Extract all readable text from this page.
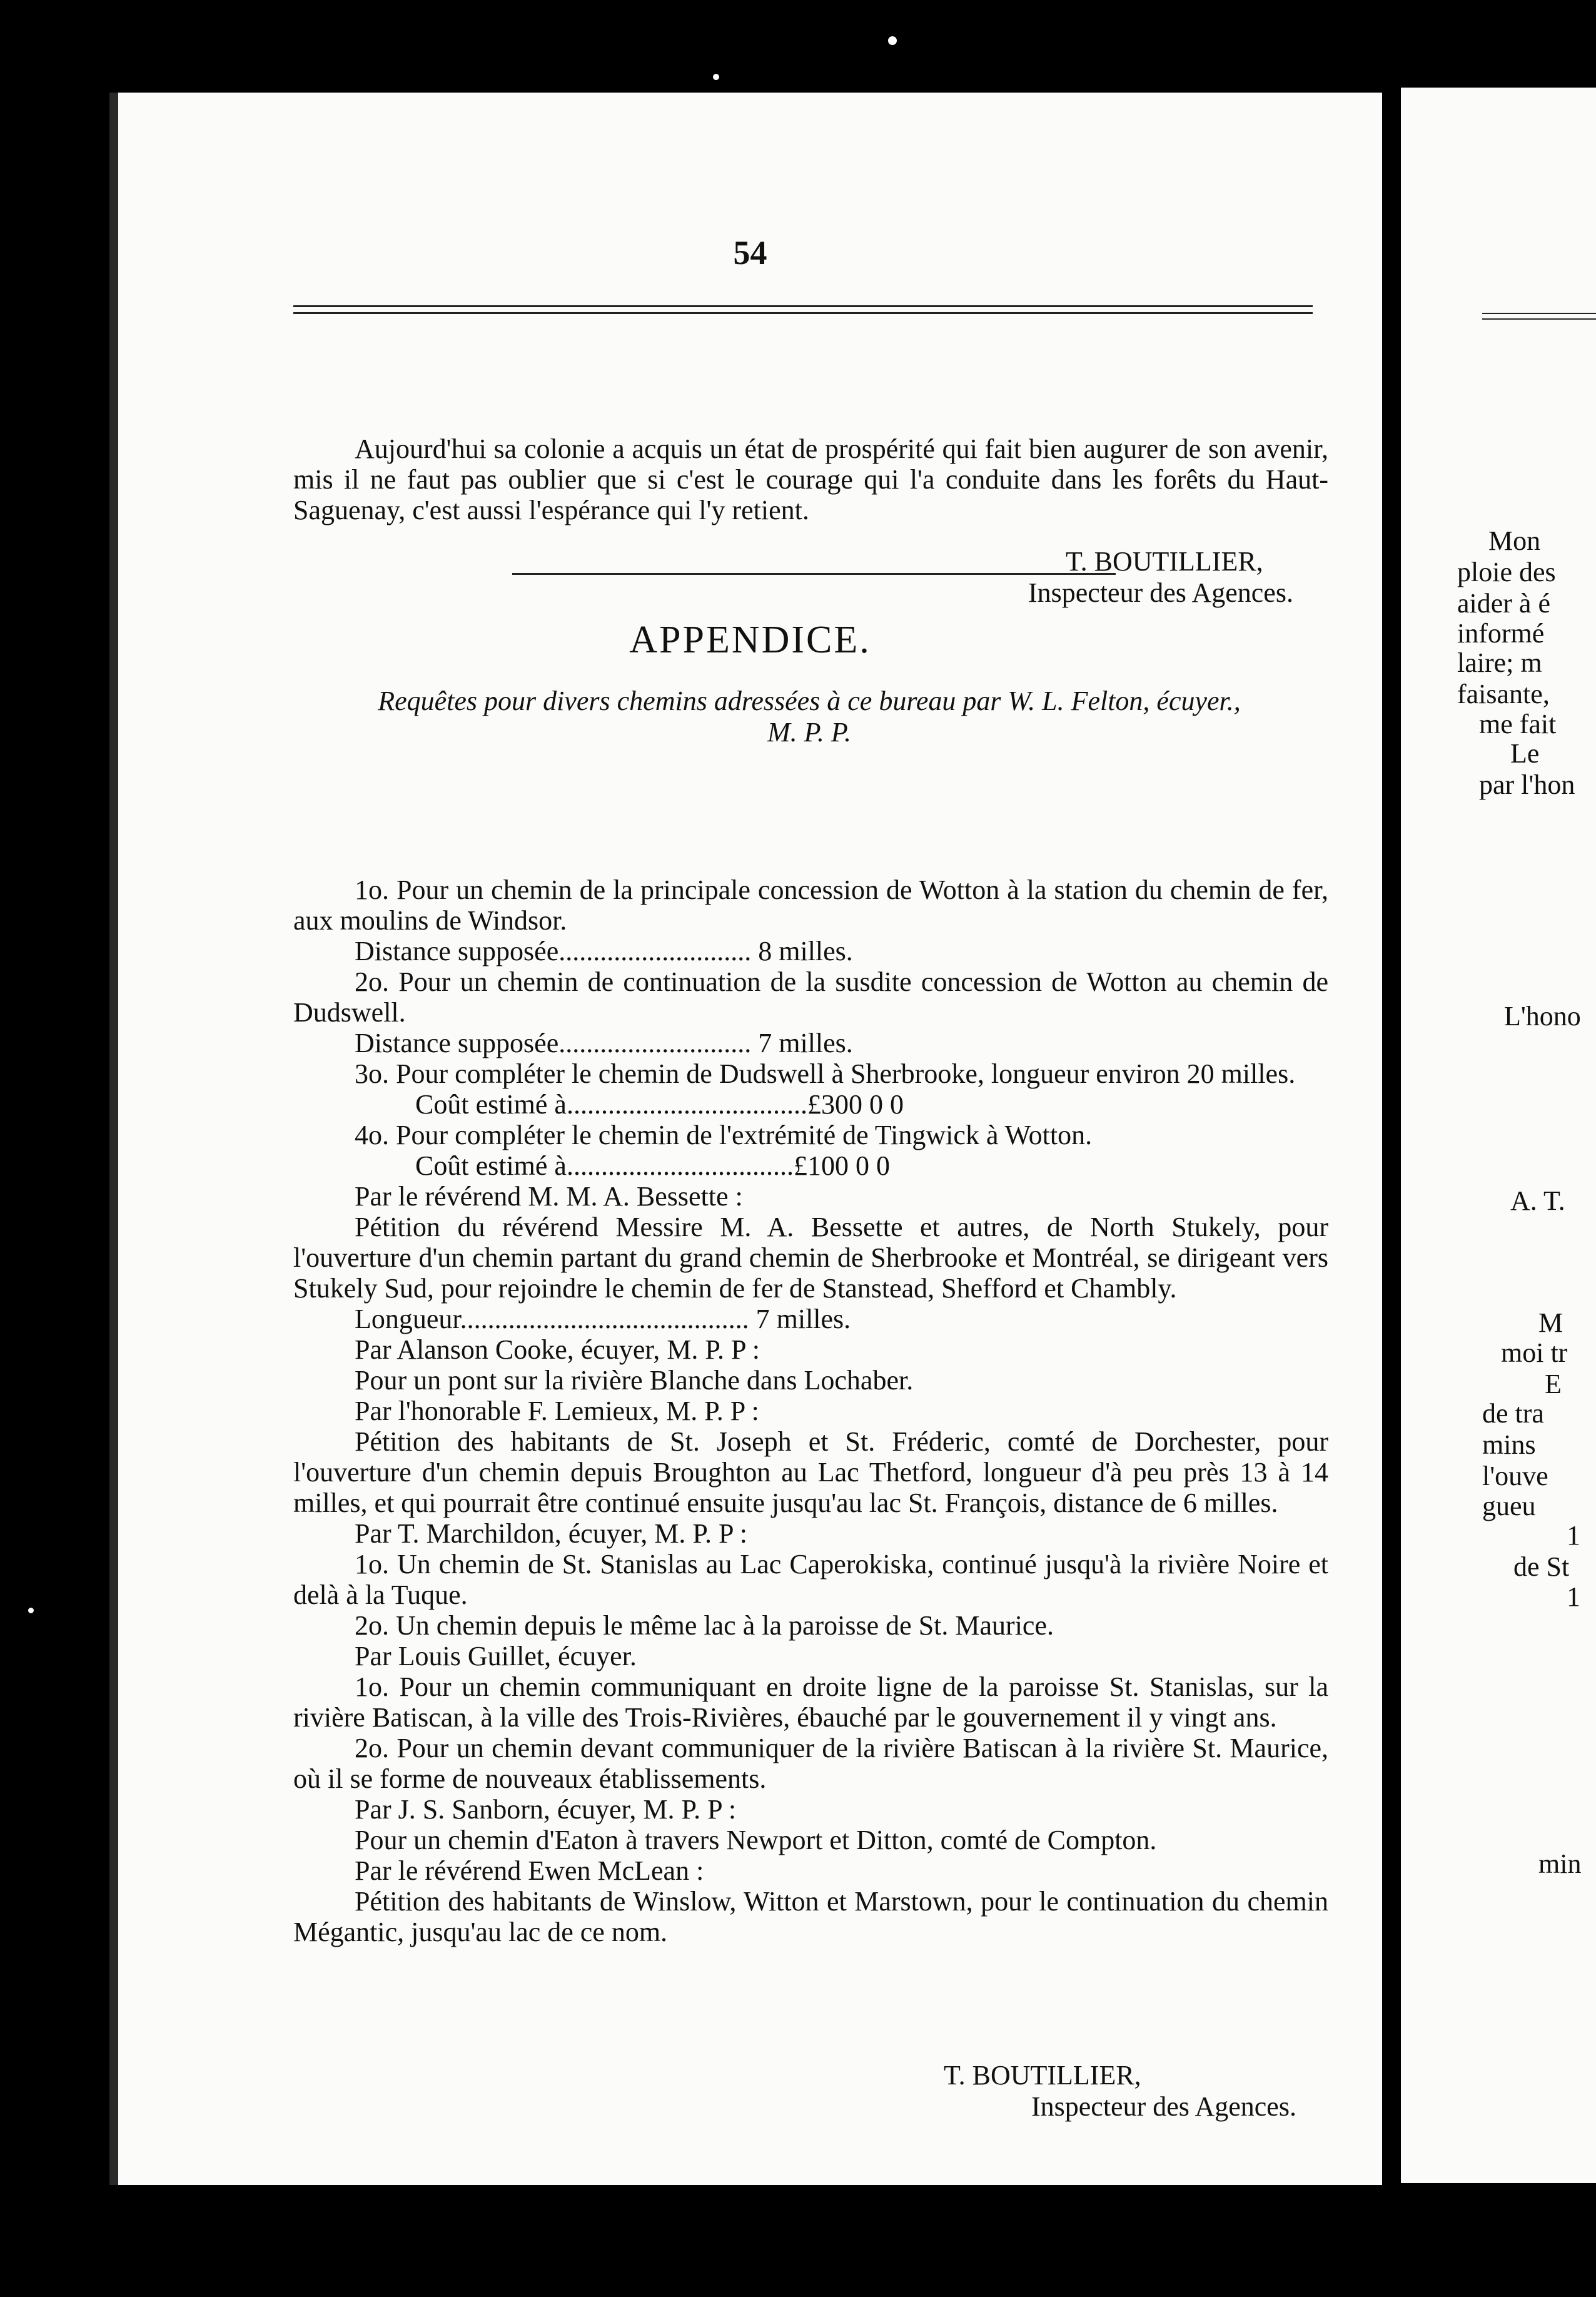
54

Aujourd'hui sa colonie a acquis un état de prospérité qui fait bien augurer de son avenir, mis il ne faut pas oublier que si c'est le courage qui l'a conduite dans les forêts du Haut-Saguenay, c'est aussi l'espérance qui l'y retient.

T. BOUTILLIER,
Inspecteur des Agences.
APPENDICE.
Requêtes pour divers chemins adressées à ce bureau par W. L. Felton, écuyer.,
M. P. P.

1o. Pour un chemin de la principale concession de Wotton à la station du chemin de fer, aux moulins de Windsor.

Distance supposée............................ 8 milles.

2o. Pour un chemin de continuation de la susdite concession de Wotton au chemin de Dudswell.

Distance supposée............................ 7 milles.

3o. Pour compléter le chemin de Dudswell à Sherbrooke, longueur environ 20 milles.

Coût estimé à...................................£300 0 0

4o. Pour compléter le chemin de l'extrémité de Tingwick à Wotton.

Coût estimé à.................................£100 0 0

Par le révérend M. M. A. Bessette :

Pétition du révérend Messire M. A. Bessette et autres, de North Stukely, pour l'ouverture d'un chemin partant du grand chemin de Sherbrooke et Montréal, se dirigeant vers Stukely Sud, pour rejoindre le chemin de fer de Stanstead, Shefford et Chambly.

Longueur.......................................... 7 milles.

Par Alanson Cooke, écuyer, M. P. P :

Pour un pont sur la rivière Blanche dans Lochaber.

Par l'honorable F. Lemieux, M. P. P :

Pétition des habitants de St. Joseph et St. Fréderic, comté de Dorchester, pour l'ouverture d'un chemin depuis Broughton au Lac Thetford, longueur d'à peu près 13 à 14 milles, et qui pourrait être continué ensuite jusqu'au lac St. François, distance de 6 milles.

Par T. Marchildon, écuyer, M. P. P :

1o. Un chemin de St. Stanislas au Lac Caperokiska, continué jusqu'à la rivière Noire et delà à la Tuque.

2o. Un chemin depuis le même lac à la paroisse de St. Maurice.

Par Louis Guillet, écuyer.

1o. Pour un chemin communiquant en droite ligne de la paroisse St. Stanislas, sur la rivière Batiscan, à la ville des Trois-Rivières, ébauché par le gouvernement il y vingt ans.

2o. Pour un chemin devant communiquer de la rivière Batiscan à la rivière St. Maurice, où il se forme de nouveaux établissements.

Par J. S. Sanborn, écuyer, M. P. P :

Pour un chemin d'Eaton à travers Newport et Ditton, comté de Compton.

Par le révérend Ewen McLean :

Pétition des habitants de Winslow, Witton et Marstown, pour le continuation du chemin Mégantic, jusqu'au lac de ce nom.

T. BOUTILLIER,
Inspecteur des Agences.
Mon
ploie des
aider à é
informé
laire; m
faisante,
me fait
Le
par l'hon
L'hono
A. T.
M
moi tr
E
de tra
mins
l'ouve
gueu
1
de St
1
min
